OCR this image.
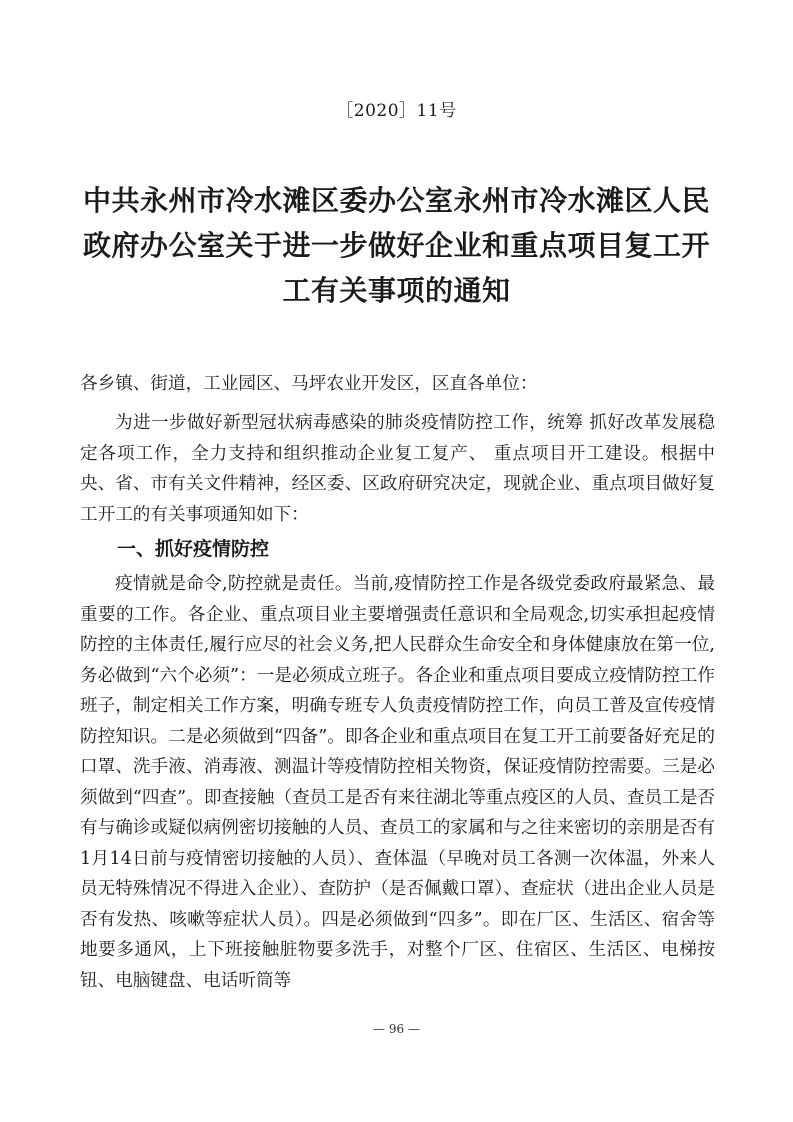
［2020］11号
中共永州市冷水滩区委办公室永州市冷水滩区人民政府办公室关于进一步做好企业和重点项目复工开工有关事项的通知

各乡镇、街道，工业园区、马坪农业开发区，区直各单位：

为进一步做好新型冠状病毒感染的肺炎疫情防控工作，统筹 抓好改革发展稳定各项工作，全力支持和组织推动企业复工复产、 重点项目开工建设。根据中央、省、市有关文件精神，经区委、区政府研究决定，现就企业、重点项目做好复工开工的有关事项通知如下：

一、抓好疫情防控

疫情就是命令,防控就是责任。当前,疫情防控工作是各级党委政府最紧急、最重要的工作。各企业、重点项目业主要增强责任意识和全局观念,切实承担起疫情防控的主体责任,履行应尽的社会义务,把人民群众生命安全和身体健康放在第一位,务必做到“六个必须”：一是必须成立班子。各企业和重点项目要成立疫情防控工作班子，制定相关工作方案，明确专班专人负责疫情防控工作，向员工普及宣传疫情防控知识。二是必须做到“四备”。即各企业和重点项目在复工开工前要备好充足的口罩、洗手液、消毒液、测温计等疫情防控相关物资，保证疫情防控需要。三是必须做到“四查”。即查接触（查员工是否有来往湖北等重点疫区的人员、查员工是否有与确诊或疑似病例密切接触的人员、查员工的家属和与之往来密切的亲朋是否有1月14日前与疫情密切接触的人员）、查体温（早晚对员工各测一次体温，外来人员无特殊情况不得进入企业）、查防护（是否佩戴口罩）、查症状（进出企业人员是否有发热、咳嗽等症状人员）。四是必须做到“四多”。即在厂区、生活区、宿舍等地要多通风，上下班接触脏物要多洗手，对整个厂区、住宿区、生活区、电梯按钮、电脑键盘、电话听筒等

— 96 —
